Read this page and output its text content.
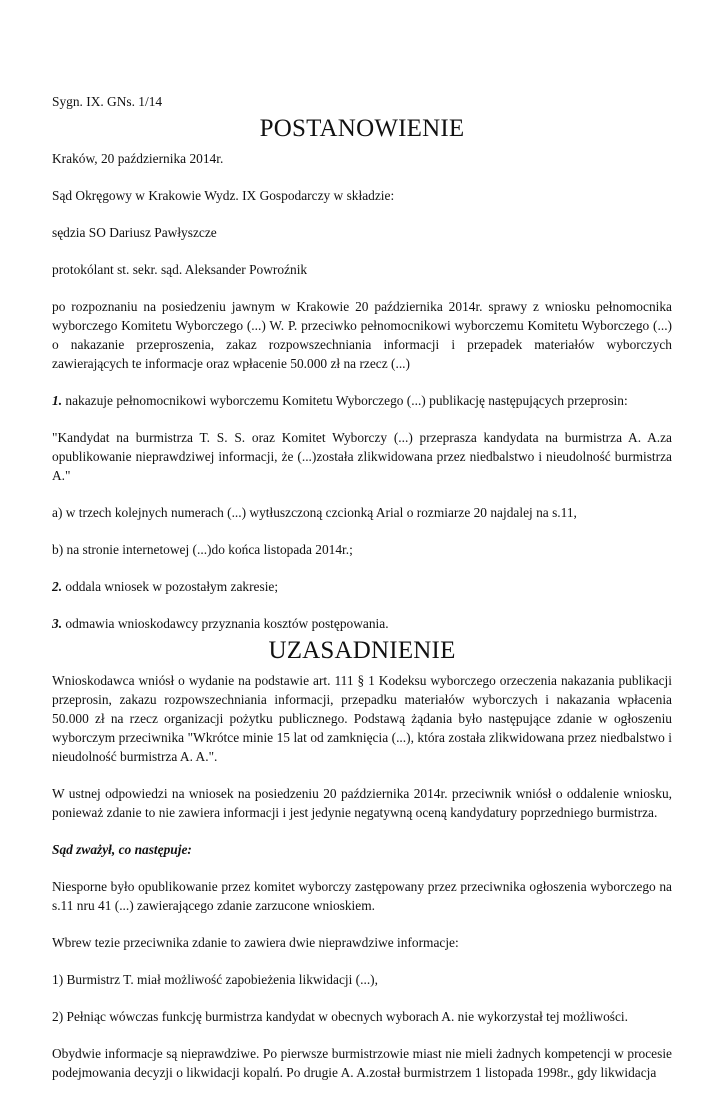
Sygn. IX. GNs. 1/14

POSTANOWIENIE

Kraków, 20 października 2014r.

Sąd Okręgowy w Krakowie Wydz. IX Gospodarczy w składzie:

sędzia SO Dariusz Pawłyszcze

protokólant st. sekr. sąd. Aleksander Powroźnik

po rozpoznaniu na posiedzeniu jawnym w Krakowie 20 października 2014r. sprawy z wniosku pełnomocnika wyborczego Komitetu Wyborczego (...) W. P. przeciwko pełnomocnikowi wyborczemu Komitetu Wyborczego (...) o nakazanie przeproszenia, zakaz rozpowszechniania informacji i przepadek materiałów wyborczych zawierających te informacje oraz wpłacenie 50.000 zł na rzecz (...)

1. nakazuje pełnomocnikowi wyborczemu Komitetu Wyborczego (...) publikację następujących przeprosin:

"Kandydat na burmistrza T. S. S. oraz Komitet Wyborczy (...) przeprasza kandydata na burmistrza A. A.za opublikowanie nieprawdziwej informacji, że (...)została zlikwidowana przez niedbalstwo i nieudolność burmistrza A."

a) w trzech kolejnych numerach (...) wytłuszczoną czcionką Arial o rozmiarze 20 najdalej na s.11,

b) na stronie internetowej (...)do końca listopada 2014r.;

2. oddala wniosek w pozostałym zakresie;

3. odmawia wnioskodawcy przyznania kosztów postępowania.

UZASADNIENIE

Wnioskodawca wniósł o wydanie na podstawie art. 111 § 1 Kodeksu wyborczego orzeczenia nakazania publikacji przeprosin, zakazu rozpowszechniania informacji, przepadku materiałów wyborczych i nakazania wpłacenia 50.000 zł na rzecz organizacji pożytku publicznego. Podstawą żądania było następujące zdanie w ogłoszeniu wyborczym przeciwnika "Wkrótce minie 15 lat od zamknięcia (...), która została zlikwidowana przez niedbalstwo i nieudolność burmistrza A. A.".

W ustnej odpowiedzi na wniosek na posiedzeniu 20 października 2014r. przeciwnik wniósł o oddalenie wniosku, ponieważ zdanie to nie zawiera informacji i jest jedynie negatywną oceną kandydatury poprzedniego burmistrza.

Sąd zważył, co następuje:

Niesporne było opublikowanie przez komitet wyborczy zastępowany przez przeciwnika ogłoszenia wyborczego na s.11 nru 41 (...) zawierającego zdanie zarzucone wnioskiem.

Wbrew tezie przeciwnika zdanie to zawiera dwie nieprawdziwe informacje:

1) Burmistrz T. miał możliwość zapobieżenia likwidacji (...),

2) Pełniąc wówczas funkcję burmistrza kandydat w obecnych wyborach A. nie wykorzystał tej możliwości.

Obydwie informacje są nieprawdziwe. Po pierwsze burmistrzowie miast nie mieli żadnych kompetencji w procesie podejmowania decyzji o likwidacji kopalń. Po drugie A. A.został burmistrzem 1 listopada 1998r., gdy likwidacja
